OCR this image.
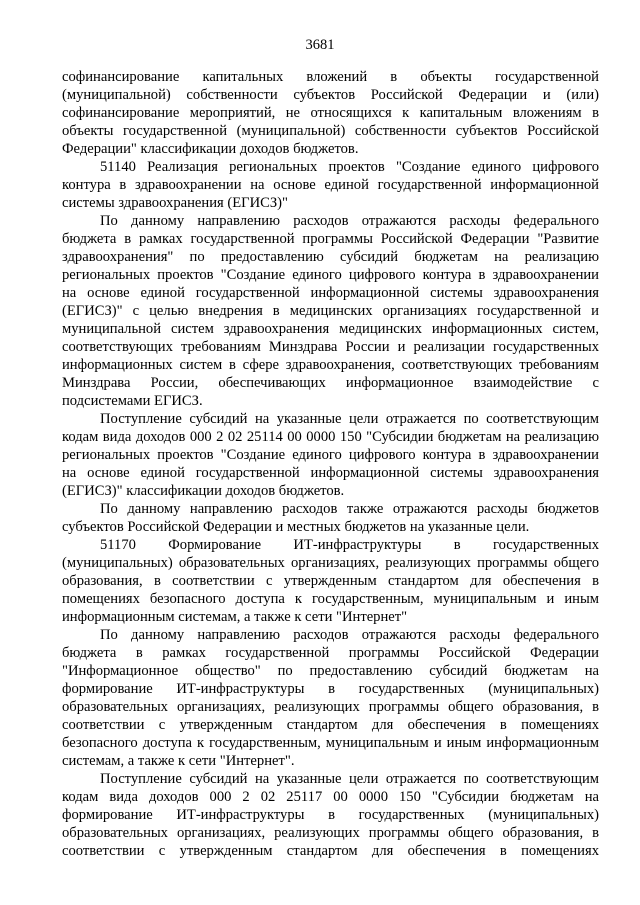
3681
софинансирование капитальных вложений в объекты государственной
(муниципальной) собственности субъектов Российской Федерации и (или)
софинансирование мероприятий, не относящихся к капитальным вложениям в
объекты государственной (муниципальной) собственности субъектов Российской
Федерации" классификации доходов бюджетов.
51140 Реализация региональных проектов "Создание единого цифрового
контура в здравоохранении на основе единой государственной информационной
системы здравоохранения (ЕГИСЗ)"
По данному направлению расходов отражаются расходы федерального
бюджета в рамках государственной программы Российской Федерации "Развитие
здравоохранения" по предоставлению субсидий бюджетам на реализацию
региональных проектов "Создание единого цифрового контура в здравоохранении
на основе единой государственной информационной системы здравоохранения
(ЕГИСЗ)" с целью внедрения в медицинских организациях государственной и
муниципальной систем здравоохранения медицинских информационных систем,
соответствующих требованиям Минздрава России и реализации государственных
информационных систем в сфере здравоохранения, соответствующих требованиям
Минздрава России, обеспечивающих информационное взаимодействие с
подсистемами ЕГИСЗ.
Поступление субсидий на указанные цели отражается по соответствующим
кодам вида доходов 000 2 02 25114 00 0000 150 "Субсидии бюджетам на реализацию
региональных проектов "Создание единого цифрового контура в здравоохранении
на основе единой государственной информационной системы здравоохранения
(ЕГИСЗ)" классификации доходов бюджетов.
По данному направлению расходов также отражаются расходы бюджетов
субъектов Российской Федерации и местных бюджетов на указанные цели.
51170 Формирование ИТ-инфраструктуры в государственных
(муниципальных) образовательных организациях, реализующих программы общего
образования, в соответствии с утвержденным стандартом для обеспечения в
помещениях безопасного доступа к государственным, муниципальным и иным
информационным системам, а также к сети "Интернет"
По данному направлению расходов отражаются расходы федерального
бюджета в рамках государственной программы Российской Федерации
"Информационное общество" по предоставлению субсидий бюджетам на
формирование ИТ-инфраструктуры в государственных (муниципальных)
образовательных организациях, реализующих программы общего образования, в
соответствии с утвержденным стандартом для обеспечения в помещениях
безопасного доступа к государственным, муниципальным и иным информационным
системам, а также к сети "Интернет".
Поступление субсидий на указанные цели отражается по соответствующим
кодам вида доходов 000 2 02 25117 00 0000 150 "Субсидии бюджетам на
формирование ИТ-инфраструктуры в государственных (муниципальных)
образовательных организациях, реализующих программы общего образования, в
соответствии с утвержденным стандартом для обеспечения в помещениях
